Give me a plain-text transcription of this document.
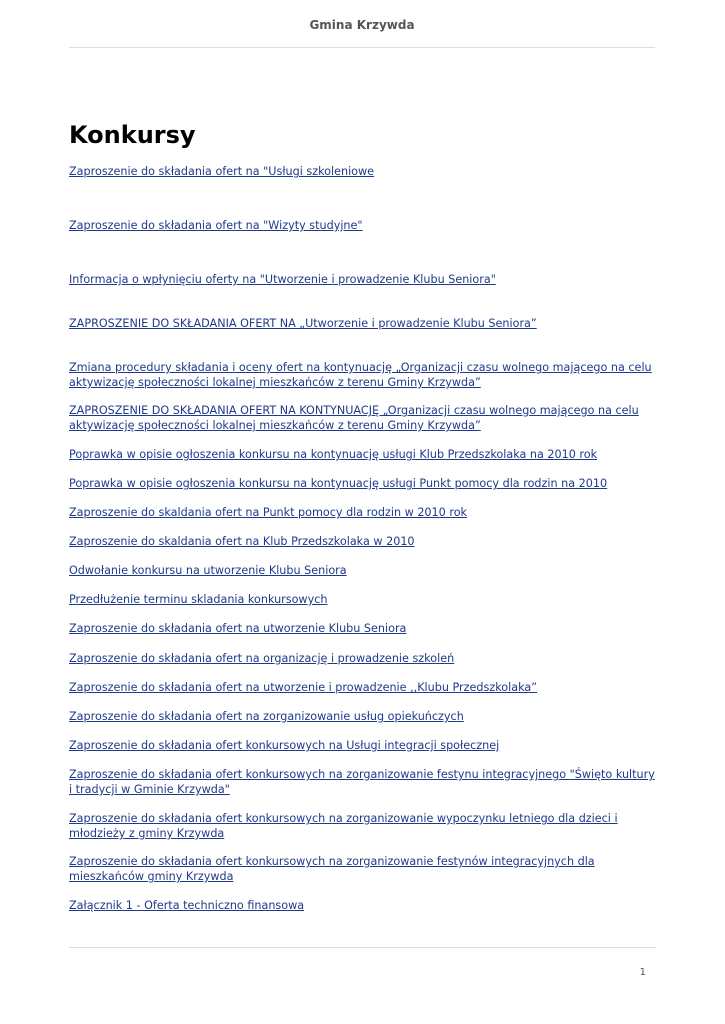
Gmina Krzywda
Konkursy
Zaproszenie do składania ofert na "Usługi szkoleniowe
Zaproszenie do składania ofert na "Wizyty studyjne"
Informacja o wpłynięciu oferty na "Utworzenie i prowadzenie Klubu Seniora"
ZAPROSZENIE DO SKŁADANIA OFERT NA „Utworzenie i prowadzenie Klubu Seniora”
Zmiana procedury składania i oceny ofert na kontynuację „Organizacji czasu wolnego mającego na celu aktywizację społeczności lokalnej mieszkańców z terenu Gminy Krzywda”
ZAPROSZENIE DO SKŁADANIA OFERT NA KONTYNUACJĘ „Organizacji czasu wolnego mającego na celu aktywizację społeczności lokalnej mieszkańców z terenu Gminy Krzywda”
Poprawka w opisie ogłoszenia konkursu na kontynuację usługi Klub Przedszkolaka na 2010 rok
Poprawka w opisie ogłoszenia konkursu na kontynuację usługi Punkt pomocy dla rodzin na 2010
Zaproszenie do skaldania ofert na Punkt pomocy dla rodzin w 2010 rok
Zaproszenie do skaldania ofert na Klub Przedszkolaka w 2010
Odwołanie konkursu na utworzenie Klubu Seniora
Przedłużenie terminu skladania konkursowych
Zaproszenie do składania ofert na utworzenie Klubu Seniora
Zaproszenie do składania ofert na organizację i prowadzenie szkoleń
Zaproszenie do składania ofert na utworzenie i prowadzenie ,,Klubu Przedszkolaka”
Zaproszenie do składania ofert na zorganizowanie usług opiekuńczych
Zaproszenie do składania ofert konkursowych na Usługi integracji społecznej
Zaproszenie do składania ofert konkursowych na zorganizowanie festynu integracyjnego "Święto kultury i tradycji w Gminie Krzywda"
Zaproszenie do składania ofert konkursowych na zorganizowanie wypoczynku letniego dla dzieci i młodzieży z gminy Krzywda
Zaproszenie do składania ofert konkursowych na zorganizowanie festynów integracyjnych dla mieszkańców gminy Krzywda
Załącznik 1 - Oferta techniczno finansowa
1
